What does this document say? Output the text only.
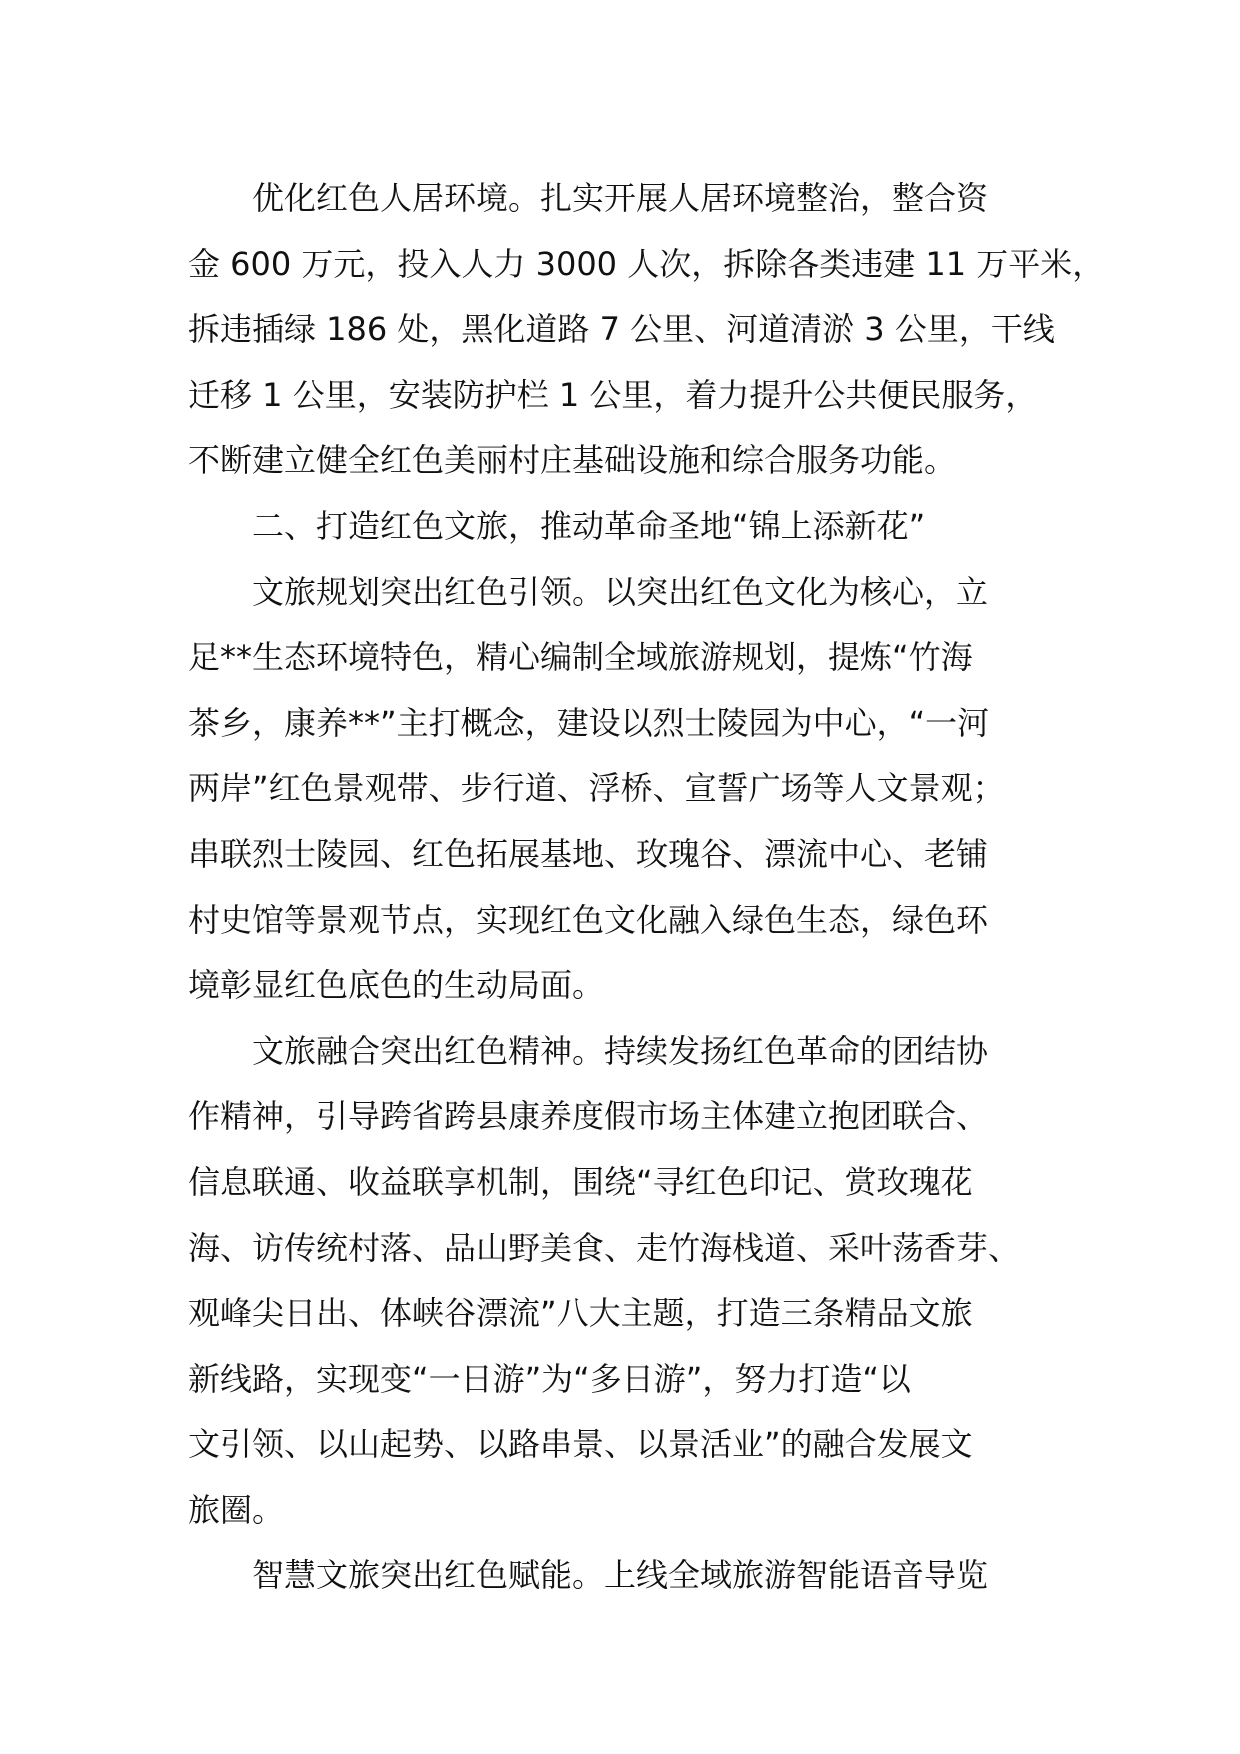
优化红色人居环境。扎实开展人居环境整治，整合资
金 600 万元，投入人力 3000 人次，拆除各类违建 11 万平米，
拆违插绿 186 处，黑化道路 7 公里、河道清淤 3 公里，干线
迁移 1 公里，安装防护栏 1 公里，着力提升公共便民服务，
不断建立健全红色美丽村庄基础设施和综合服务功能。
二、打造红色文旅，推动革命圣地“锦上添新花”
文旅规划突出红色引领。以突出红色文化为核心，立
足**生态环境特色，精心编制全域旅游规划，提炼“竹海
茶乡，康养**”主打概念，建设以烈士陵园为中心，“一河
两岸”红色景观带、步行道、浮桥、宣誓广场等人文景观；
串联烈士陵园、红色拓展基地、玫瑰谷、漂流中心、老铺
村史馆等景观节点，实现红色文化融入绿色生态，绿色环
境彰显红色底色的生动局面。
文旅融合突出红色精神。持续发扬红色革命的团结协
作精神，引导跨省跨县康养度假市场主体建立抱团联合、
信息联通、收益联享机制，围绕“寻红色印记、赏玫瑰花
海、访传统村落、品山野美食、走竹海栈道、采叶荡香芽、
观峰尖日出、体峡谷漂流”八大主题，打造三条精品文旅
新线路，实现变“一日游”为“多日游”，努力打造“以
文引领、以山起势、以路串景、以景活业”的融合发展文
旅圈。
智慧文旅突出红色赋能。上线全域旅游智能语音导览
